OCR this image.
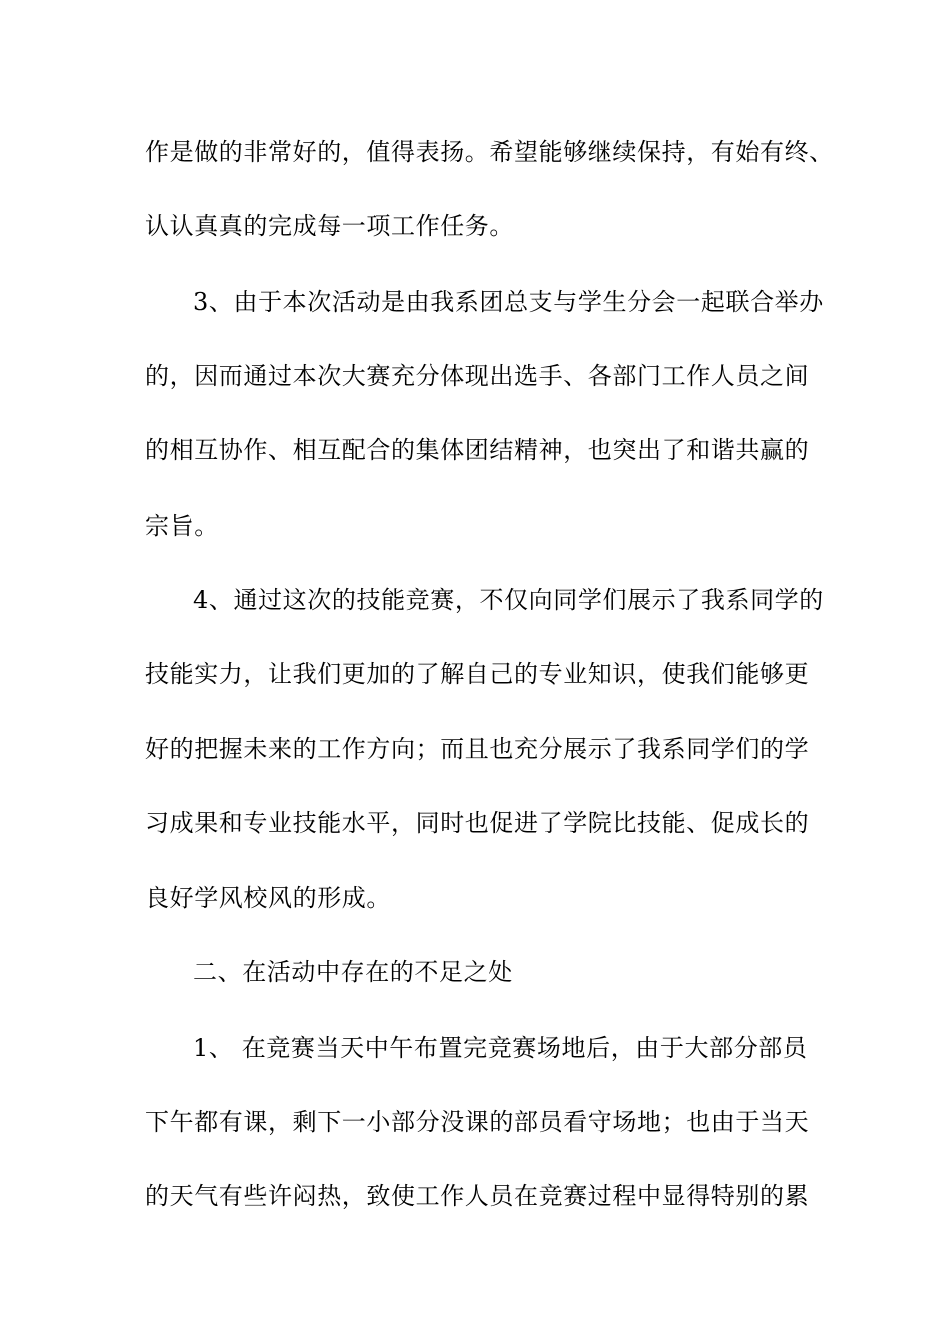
作是做的非常好的，值得表扬。希望能够继续保持，有始有终、
认认真真的完成每一项工作任务。
3、由于本次活动是由我系团总支与学生分会一起联合举办
的，因而通过本次大赛充分体现出选手、各部门工作人员之间
的相互协作、相互配合的集体团结精神，也突出了和谐共赢的
宗旨。
4、通过这次的技能竞赛，不仅向同学们展示了我系同学的
技能实力，让我们更加的了解自己的专业知识，使我们能够更
好的把握未来的工作方向；而且也充分展示了我系同学们的学
习成果和专业技能水平，同时也促进了学院比技能、促成长的
良好学风校风的形成。
二、在活动中存在的不足之处
1、 在竞赛当天中午布置完竞赛场地后，由于大部分部员
下午都有课，剩下一小部分没课的部员看守场地；也由于当天
的天气有些许闷热，致使工作人员在竞赛过程中显得特别的累
